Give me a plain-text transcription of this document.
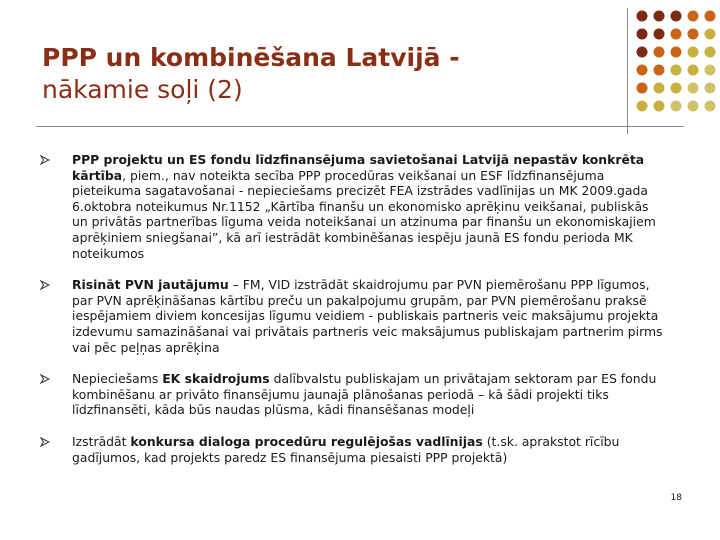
PPP un kombinēšana Latvijā -
nākamie soļi (2)
PPP projektu un ES fondu līdzfinansējuma savietošanai Latvijā nepastāv konkrēta kārtība, piem., nav noteikta secība PPP procedūras veikšanai un ESF līdzfinansējuma pieteikuma sagatavošanai - nepieciešams precizēt FEA izstrādes vadlīnijas un MK 2009.gada 6.oktobra noteikumus Nr.1152 „Kārtība finanšu un ekonomisko aprēķinu veikšanai, publiskās un privātās partnerības līguma veida noteikšanai un atzinuma par finanšu un ekonomiskajiem aprēķiniem sniegšanai”, kā arī iestrādāt kombinēšanas iespēju jaunā ES fondu perioda MK noteikumos
Risināt PVN jautājumu – FM, VID izstrādāt skaidrojumu par PVN piemērošanu PPP līgumos, par PVN aprēķināšanas kārtību preču un pakalpojumu grupām, par PVN piemērošanu praksē iespējamiem diviem koncesijas līgumu veidiem - publiskais partneris veic maksājumu projekta izdevumu samazināšanai vai privātais partneris veic maksājumus publiskajam partnerim pirms vai pēc peļņas aprēķina
Nepieciešams EK skaidrojums dalībvalstu publiskajam un privātajam sektoram par ES fondu kombinēšanu ar privāto finansējumu jaunajā plānošanas periodā – kā šādi projekti tiks līdzfinansēti, kāda būs naudas plūsma, kādi finansēšanas modeļi
Izstrādāt konkursa dialoga procedūru regulējošas vadlīnijas (t.sk. aprakstot rīcību gadījumos, kad projekts paredz ES finansējuma piesaisti PPP projektā)
18
